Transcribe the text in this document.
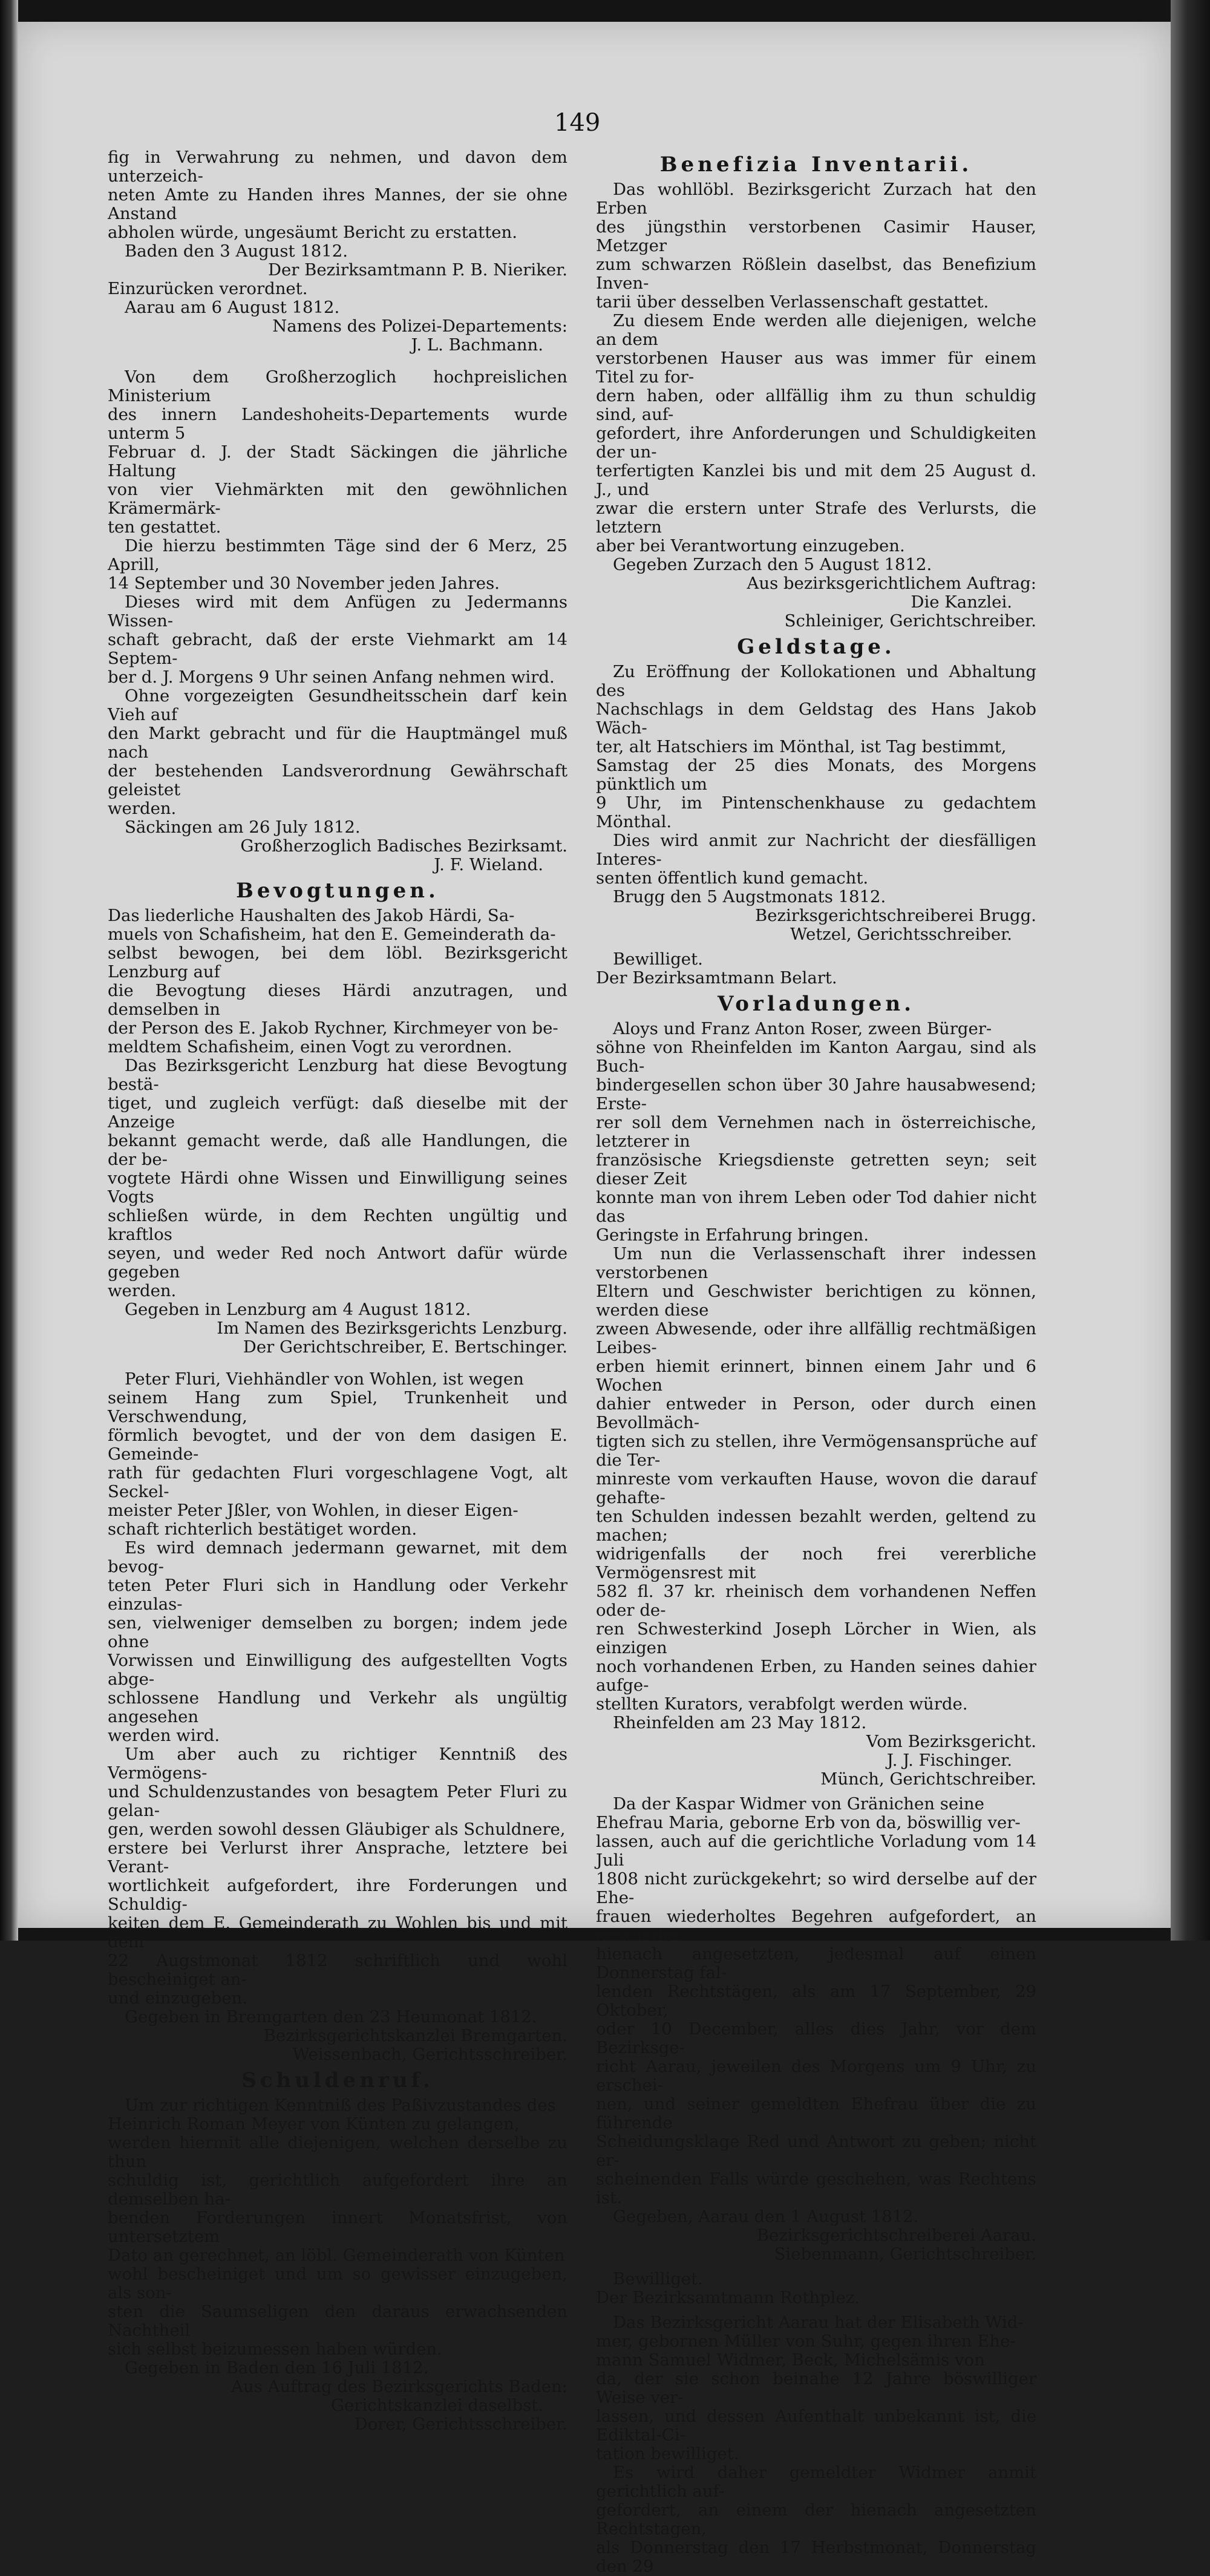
149

fig in Verwahrung zu nehmen, und davon dem unterzeich-

neten Amte zu Handen ihres Mannes, der sie ohne Anstand

abholen würde, ungesäumt Bericht zu erstatten.

Baden den 3 August 1812.

Der Bezirksamtmann P. B. Nieriker.

Einzurücken verordnet.

Aarau am 6 August 1812.

Namens des Polizei-Departements:

J. L. Bachmann.

Von dem Großherzoglich hochpreislichen Ministerium

des innern Landeshoheits-Departements wurde unterm 5

Februar d. J. der Stadt Säckingen die jährliche Haltung

von vier Viehmärkten mit den gewöhnlichen Krämermärk-

ten gestattet.

Die hierzu bestimmten Täge sind der 6 Merz, 25 Aprill,

14 September und 30 November jeden Jahres.

Dieses wird mit dem Anfügen zu Jedermanns Wissen-

schaft gebracht, daß der erste Viehmarkt am 14 Septem-

ber d. J. Morgens 9 Uhr seinen Anfang nehmen wird.

Ohne vorgezeigten Gesundheitsschein darf kein Vieh auf

den Markt gebracht und für die Hauptmängel muß nach

der bestehenden Landsverordnung Gewährschaft geleistet

werden.

Säckingen am 26 July 1812.

Großherzoglich Badisches Bezirksamt.

J. F. Wieland.

Bevogtungen.

Das liederliche Haushalten des Jakob Härdi, Sa-

muels von Schafisheim, hat den E. Gemeinderath da-

selbst bewogen, bei dem löbl. Bezirksgericht Lenzburg auf

die Bevogtung dieses Härdi anzutragen, und demselben in

der Person des E. Jakob Rychner, Kirchmeyer von be-

meldtem Schafisheim, einen Vogt zu verordnen.

Das Bezirksgericht Lenzburg hat diese Bevogtung bestä-

tiget, und zugleich verfügt: daß dieselbe mit der Anzeige

bekannt gemacht werde, daß alle Handlungen, die der be-

vogtete Härdi ohne Wissen und Einwilligung seines Vogts

schließen würde, in dem Rechten ungültig und kraftlos

seyen, und weder Red noch Antwort dafür würde gegeben

werden.

Gegeben in Lenzburg am 4 August 1812.

Im Namen des Bezirksgerichts Lenzburg.

Der Gerichtschreiber, E. Bertschinger.

Peter Fluri, Viehhändler von Wohlen, ist wegen

seinem Hang zum Spiel, Trunkenheit und Verschwendung,

förmlich bevogtet, und der von dem dasigen E. Gemeinde-

rath für gedachten Fluri vorgeschlagene Vogt, alt Seckel-

meister Peter Jßler, von Wohlen, in dieser Eigen-

schaft richterlich bestätiget worden.

Es wird demnach jedermann gewarnet, mit dem bevog-

teten Peter Fluri sich in Handlung oder Verkehr einzulas-

sen, vielweniger demselben zu borgen; indem jede ohne

Vorwissen und Einwilligung des aufgestellten Vogts abge-

schlossene Handlung und Verkehr als ungültig angesehen

werden wird.

Um aber auch zu richtiger Kenntniß des Vermögens-

und Schuldenzustandes von besagtem Peter Fluri zu gelan-

gen, werden sowohl dessen Gläubiger als Schuldnere,

erstere bei Verlurst ihrer Ansprache, letztere bei Verant-

wortlichkeit aufgefordert, ihre Forderungen und Schuldig-

keiten dem E. Gemeinderath zu Wohlen bis und mit dem

22 Augstmonat 1812 schriftlich und wohl bescheiniget an-

und einzugeben.

Gegeben in Bremgarten den 23 Heumonat 1812.

Bezirksgerichtskanzlei Bremgarten.

Weissenbach, Gerichtsschreiber.

Schuldenruf.

Um zur richtigen Kenntniß des Paßivzustandes des

Heinrich Roman Meyer von Künten zu gelangen,

werden hiermit alle diejenigen, welchen derselbe zu thun

schuldig ist, gerichtlich aufgefordert ihre an demselben ha-

benden Forderungen innert Monatsfrist, von untersetztem

Dato an gerechnet, an löbl. Gemeinderath von Künten

wohl bescheiniget und um so gewisser einzugeben, als son-

sten die Saumseligen den daraus erwachsenden Nachtheil

sich selbst beizumessen haben würden.

Gegeben in Baden den 16 Juli 1812.

Aus Auftrag des Bezirksgerichts Baden:

Gerichtskanzlei daselbst.

Dorer, Gerichtsschreiber.

Benefizia Inventarii.

Das wohllöbl. Bezirksgericht Zurzach hat den Erben

des jüngsthin verstorbenen Casimir Hauser, Metzger

zum schwarzen Rößlein daselbst, das Benefizium Inven-

tarii über desselben Verlassenschaft gestattet.

Zu diesem Ende werden alle diejenigen, welche an dem

verstorbenen Hauser aus was immer für einem Titel zu for-

dern haben, oder allfällig ihm zu thun schuldig sind, auf-

gefordert, ihre Anforderungen und Schuldigkeiten der un-

terfertigten Kanzlei bis und mit dem 25 August d. J., und

zwar die erstern unter Strafe des Verlursts, die letztern

aber bei Verantwortung einzugeben.

Gegeben Zurzach den 5 August 1812.

Aus bezirksgerichtlichem Auftrag:

Die Kanzlei.

Schleiniger, Gerichtschreiber.

Geldstage.

Zu Eröffnung der Kollokationen und Abhaltung des

Nachschlags in dem Geldstag des Hans Jakob Wäch-

ter, alt Hatschiers im Mönthal, ist Tag bestimmt,

Samstag der 25 dies Monats, des Morgens pünktlich um

9 Uhr, im Pintenschenkhause zu gedachtem Mönthal.

Dies wird anmit zur Nachricht der diesfälligen Interes-

senten öffentlich kund gemacht.

Brugg den 5 Augstmonats 1812.

Bezirksgerichtschreiberei Brugg.

Wetzel, Gerichtsschreiber.

Bewilliget.

Der Bezirksamtmann Belart.

Vorladungen.

Aloys und Franz Anton Roser, zween Bürger-

söhne von Rheinfelden im Kanton Aargau, sind als Buch-

bindergesellen schon über 30 Jahre hausabwesend; Erste-

rer soll dem Vernehmen nach in österreichische, letzterer in

französische Kriegsdienste getretten seyn; seit dieser Zeit

konnte man von ihrem Leben oder Tod dahier nicht das

Geringste in Erfahrung bringen.

Um nun die Verlassenschaft ihrer indessen verstorbenen

Eltern und Geschwister berichtigen zu können, werden diese

zween Abwesende, oder ihre allfällig rechtmäßigen Leibes-

erben hiemit erinnert, binnen einem Jahr und 6 Wochen

dahier entweder in Person, oder durch einen Bevollmäch-

tigten sich zu stellen, ihre Vermögensansprüche auf die Ter-

minreste vom verkauften Hause, wovon die darauf gehafte-

ten Schulden indessen bezahlt werden, geltend zu machen;

widrigenfalls der noch frei vererbliche Vermögensrest mit

582 fl. 37 kr. rheinisch dem vorhandenen Neffen oder de-

ren Schwesterkind Joseph Lörcher in Wien, als einzigen

noch vorhandenen Erben, zu Handen seines dahier aufge-

stellten Kurators, verabfolgt werden würde.

Rheinfelden am 23 May 1812.

Vom Bezirksgericht.

J. J. Fischinger.

Münch, Gerichtschreiber.

Da der Kaspar Widmer von Gränichen seine

Ehefrau Maria, geborne Erb von da, böswillig ver-

lassen, auch auf die gerichtliche Vorladung vom 14 Juli

1808 nicht zurückgekehrt; so wird derselbe auf der Ehe-

frauen wiederholtes Begehren aufgefordert, an einem der

hienach angesetzten, jedesmal auf einen Donnerstag fal-

lenden Rechtstägen, als am 17 September, 29 Oktober,

oder 10 December, alles dies Jahr, vor dem Bezirksge-

richt Aarau, jeweilen des Morgens um 9 Uhr, zu erschei-

nen, und seiner gemeldten Ehefrau über die zu führende

Scheidungsklage Red und Antwort zu geben; nicht er-

scheinenden Falls würde geschehen, was Rechtens ist.

Gegeben, Aarau den 1 August 1812.

Bezirksgerichtschreiberei Aarau.

Siebenmann, Gerichtschreiber.

Bewilliget.

Der Bezirksamtmann Rothplez.

Das Bezirksgericht Aarau hat der Elisabeth Wid-

mer, gebornen Müller von Suhr, gegen ihren Ehe-

mann Samuel Widmer, Beck, Michelsämis von

da, der sie schon beinahe 12 Jahre böswilliger Weise ver-

lassen, und dessen Aufenthalt unbekannt ist, die Ediktal-Ci-

tation bewilliget.

Es wird daher gemeldter Widmer anmit gerichtlich auf-

gefordert, an einem der hienach angesetzten Rechtstagen,

als Donnerstag den 17 Herbstmonat, Donnerstag den 29
